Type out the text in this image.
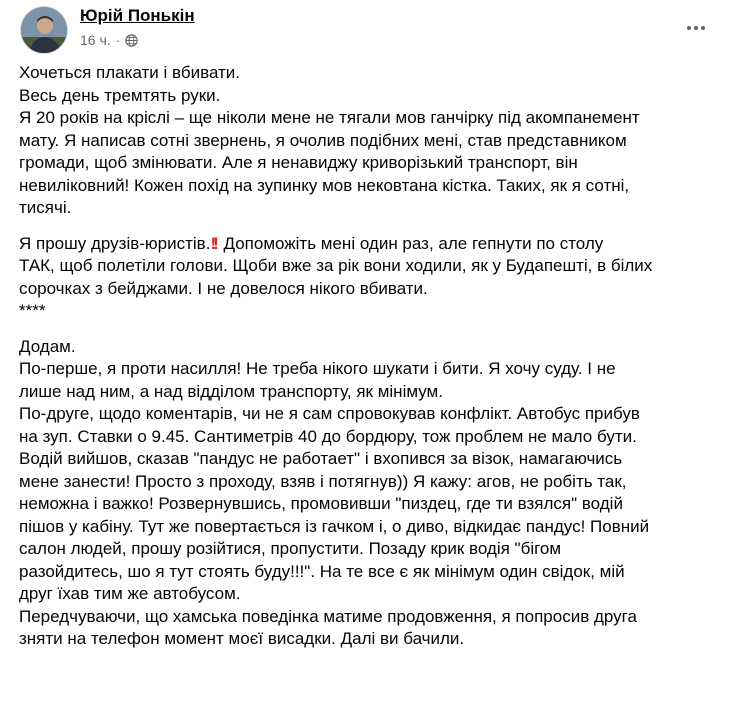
Юрій Понькін
16 ч. ·

Хочеться плакати і вбивати.
Весь день тремтять руки.
Я 20 років на кріслі – ще ніколи мене не тягали мов ганчірку під акомпанемент
мату. Я написав сотні звернень, я очолив подібних мені, став представником
громади, щоб змінювати. Але я ненавиджу криворізький транспорт, він
невиліковний! Кожен похід на зупинку мов нековтана кістка. Таких, як я сотні,
тисячі.

Я прошу друзів-юристів.!! Допоможіть мені один раз, але гепнути по столу
ТАК, щоб полетіли голови. Щоби вже за рік вони ходили, як у Будапешті, в білих
сорочках з бейджами. І не довелося нікого вбивати.
****

Додам.
По-перше, я проти насилля! Не треба нікого шукати і бити. Я хочу суду. І не
лише над ним, а над відділом транспорту, як мінімум.
По-друге, щодо коментарів, чи не я сам спровокував конфлікт. Автобус прибув
на зуп. Ставки о 9.45. Сантиметрів 40 до бордюру, тож проблем не мало бути.
Водій вийшов, сказав "пандус не работает" і вхопився за візок, намагаючись
мене занести! Просто з проходу, взяв і потягнув)) Я кажу: агов, не робіть так,
неможна і важко! Розвернувшись, промовивши "пиздец, где ти взялся" водій
пішов у кабіну. Тут же повертається із гачком і, о диво, відкидає пандус! Повний
салон людей, прошу розійтися, пропустити. Позаду крик водія "бігом
разойдитесь, шо я тут стоять буду!!!". На те все є як мінімум один свідок, мій
друг їхав тим же автобусом.
Передчуваючи, що хамська поведінка матиме продовження, я попросив друга
зняти на телефон момент моєї висадки. Далі ви бачили.
